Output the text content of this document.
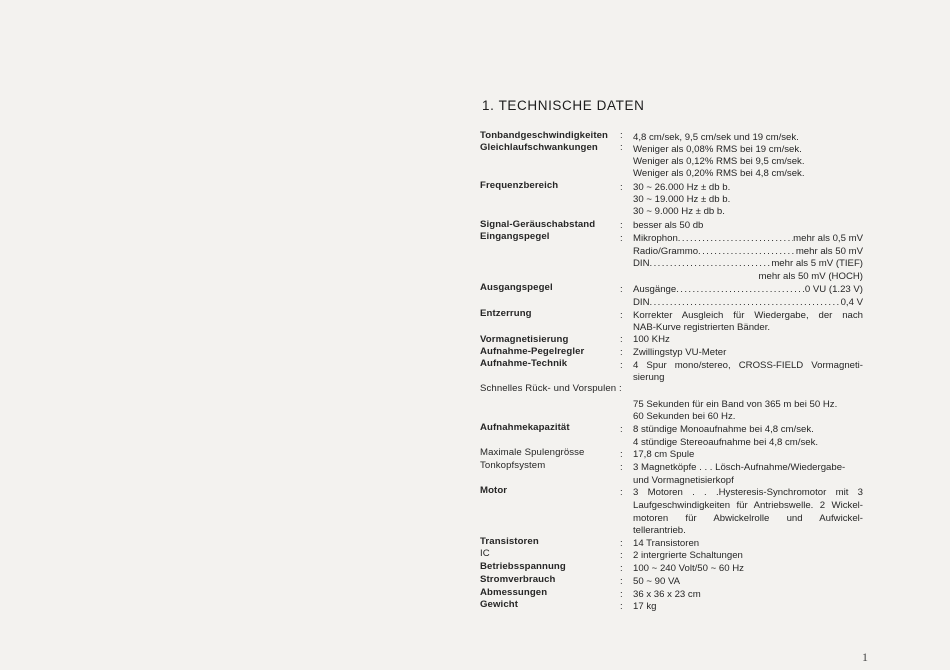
1. TECHNISCHE DATEN
Tonbandgeschwindigkeiten : 4,8 cm/sek, 9,5 cm/sek und 19 cm/sek.
Gleichlaufschwankungen : Weniger als 0,08% RMS bei 19 cm/sek.
Weniger als 0,12% RMS bei 9,5 cm/sek.
Weniger als 0,20% RMS bei 4,8 cm/sek.
Frequenzbereich	: 30 ~ 26.000 Hz ± db b.
30 ~ 19.000 Hz ± db b.
30 ~ 9.000 Hz ± db b.
Signal-Geräuschabstand	: besser als 50 db
Eingangspegel	: Mikrophon .....	mehr als 0,5 mV
Radio/Grammo .....	mehr als 50 mV
DIN .....	mehr als 5 mV (TIEF)
mehr als 50 mV (HOCH)
Ausgangspegel	: Ausgänge .....	0 VU (1.23 V)
DIN .....	0,4 V
Entzerrung	: Korrekter Ausgleich für Wiedergabe, der nach
NAB-Kurve registrierten Bänder.
Vormagnetisierung	: 100 KHz
Aufnahme-Pegelregler	: Zwillingstyp VU-Meter
Aufnahme-Technik	: 4 Spur mono/stereo, CROSS-FIELD Vormagneti-
sierung
Schnelles Rück- und Vorspulen :
75 Sekunden für ein Band von 365 m bei 50 Hz.
60 Sekunden bei 60 Hz.
Aufnahmekapazität	: 8 stündige Monoaufnahme bei 4,8 cm/sek.
4 stündige Stereoaufnahme bei 4,8 cm/sek.
Maximale Spulengrösse	: 17,8 cm Spule
Tonkopfsystem	: 3 Magnetköpfe . . . Lösch-Aufnahme/Wiedergabe-
und Vormagnetisierkopf
Motor	: 3 Motoren . . .Hysteresis-Synchromotor mit 3
Laufgeschwindigkeiten für Antriebswelle. 2 Wickel-
motoren für Abwickelrolle und Aufwickel-
tellerantrieb.
Transistoren	: 14 Transistoren
IC	: 2 intergrierte Schaltungen
Betriebsspannung	: 100 ~ 240 Volt/50 ~ 60 Hz
Stromverbrauch	: 50 ~ 90 VA
Abmessungen	: 36 x 36 x 23 cm
Gewicht	: 17 kg
1
